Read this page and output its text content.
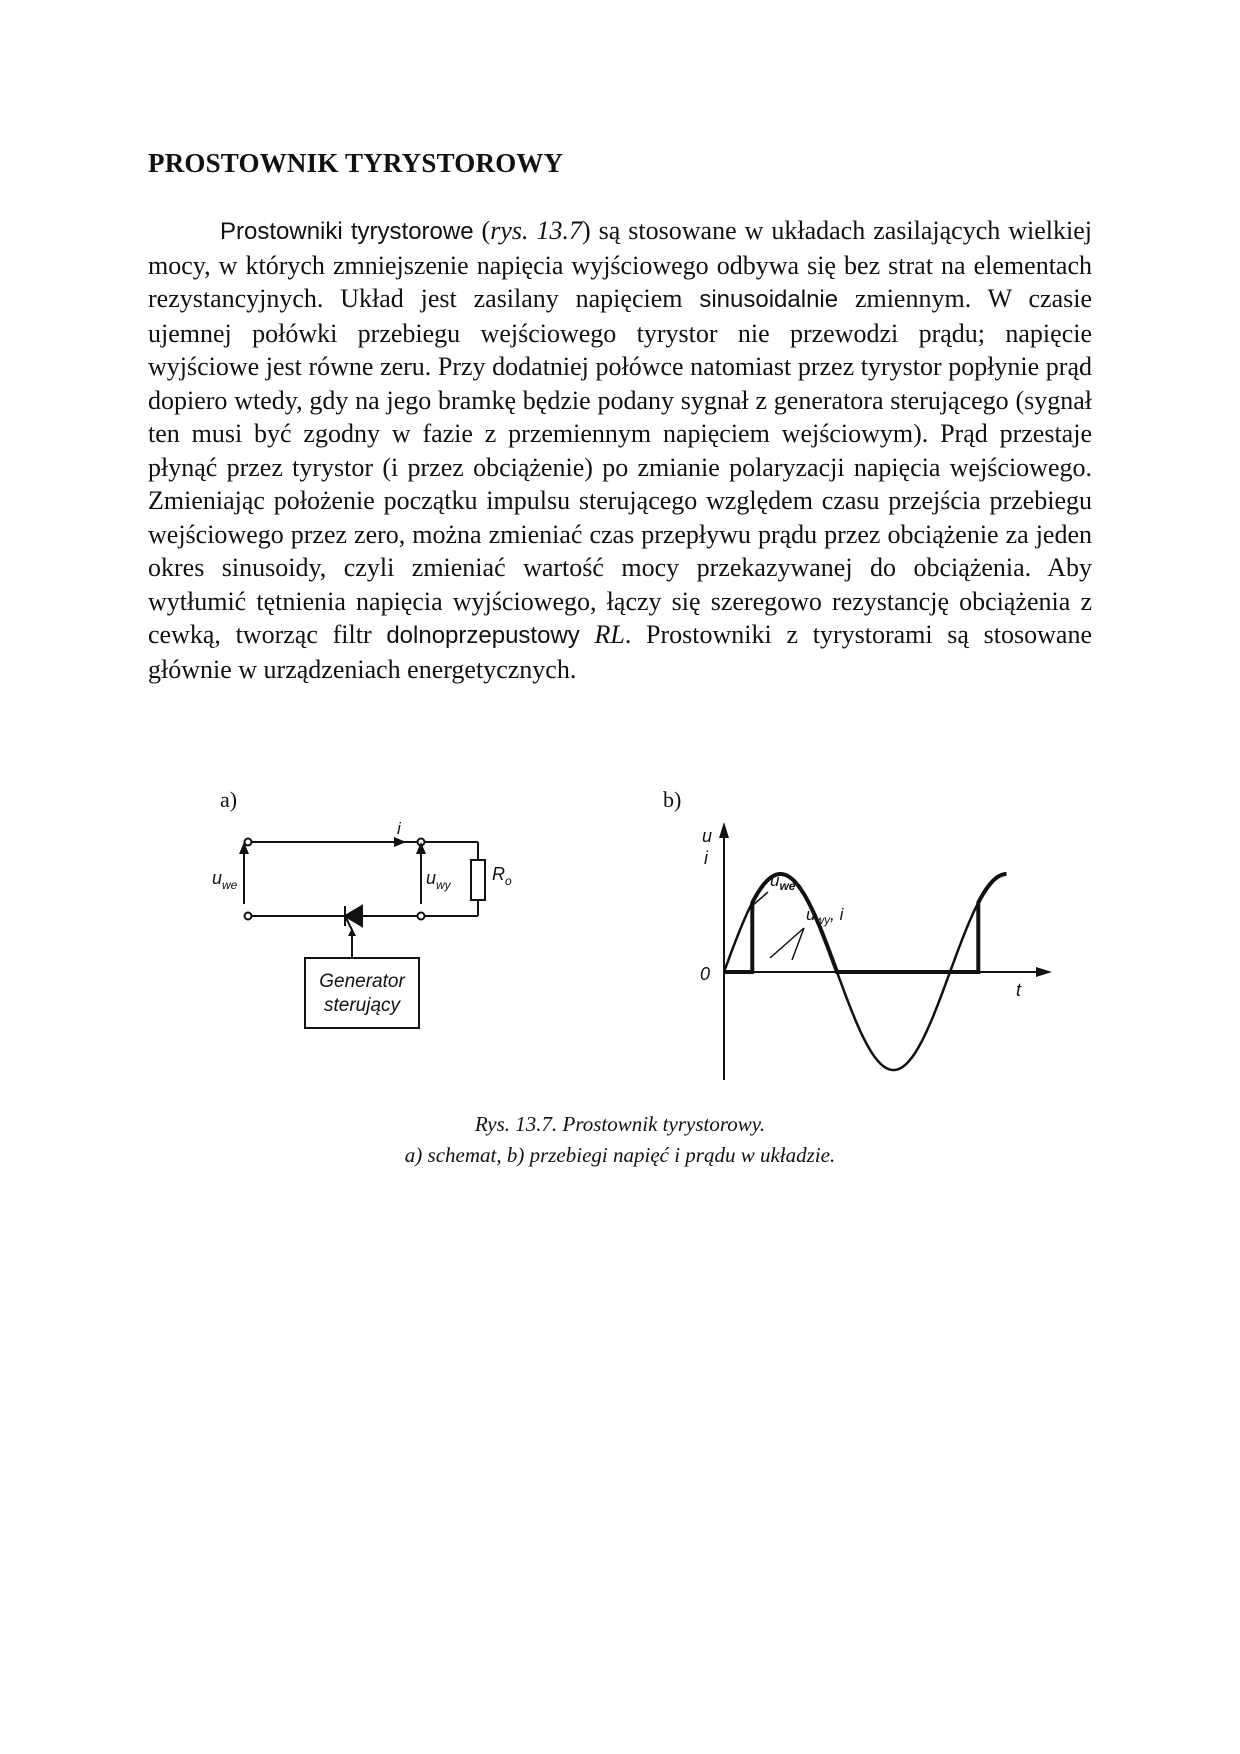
PROSTOWNIK TYRYSTOROWY
Prostowniki tyrystorowe (rys. 13.7) są stosowane w układach zasilających wielkiej mocy, w których zmniejszenie napięcia wyjściowego odbywa się bez strat na elementach rezystancyjnych. Układ jest zasilany napięciem sinusoidalnie zmiennym. W czasie ujemnej połówki przebiegu wejściowego tyrystor nie przewodzi prądu; napięcie wyjściowe jest równe zeru. Przy dodatniej połówce natomiast przez tyrystor popłynie prąd dopiero wtedy, gdy na jego bramkę będzie podany sygnał z generatora sterującego (sygnał ten musi być zgodny w fazie z przemiennym napięciem wejściowym). Prąd przestaje płynąć przez tyrystor (i przez obciążenie) po zmianie polaryzacji napięcia wejściowego. Zmieniając położenie początku impulsu sterującego względem czasu przejścia przebiegu wejściowego przez zero, można zmieniać czas przepływu prądu przez obciążenie za jeden okres sinusoidy, czyli zmieniać wartość mocy przekazywanej do obciążenia. Aby wytłumić tętnienia napięcia wyjściowego, łączy się szeregowo rezystancję obciążenia z cewką, tworząc filtr dolnoprzepustowy RL. Prostowniki z tyrystorami są stosowane głównie w urządzeniach energetycznych.
a)	b)
i
$u_{we}$	$u_{wy}$
$R_o$
Generator
sterujący
u
i
0
t
$u_{we}$
$u_{wy}$, i
Rys. 13.7. Prostownik tyrystorowy.
a) schemat, b) przebiegi napięć i prądu w układzie.
